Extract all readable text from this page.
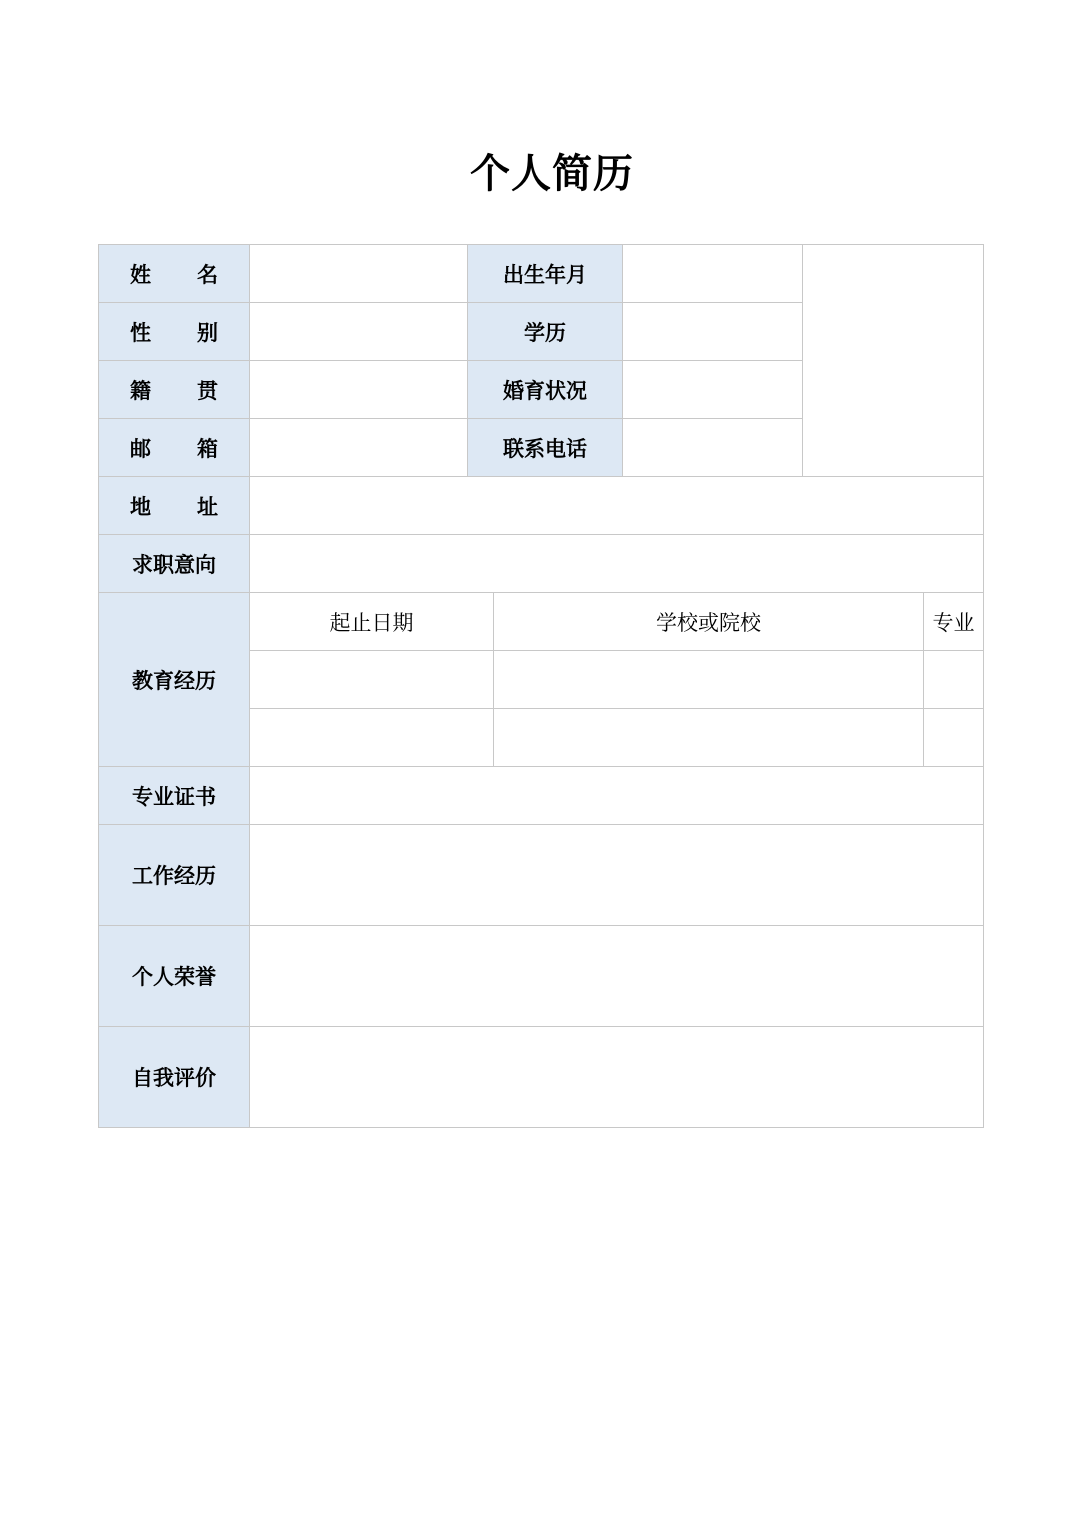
个人简历
姓 名		出生年月				

性 别		学历				

籍 贯		婚育状况				

邮 箱		联系电话				

地 址						

求职意向						
教育经历	起止日期		学校或院校			专业

专业证书						
工作经历						
个人荣誉						
自我评价						
